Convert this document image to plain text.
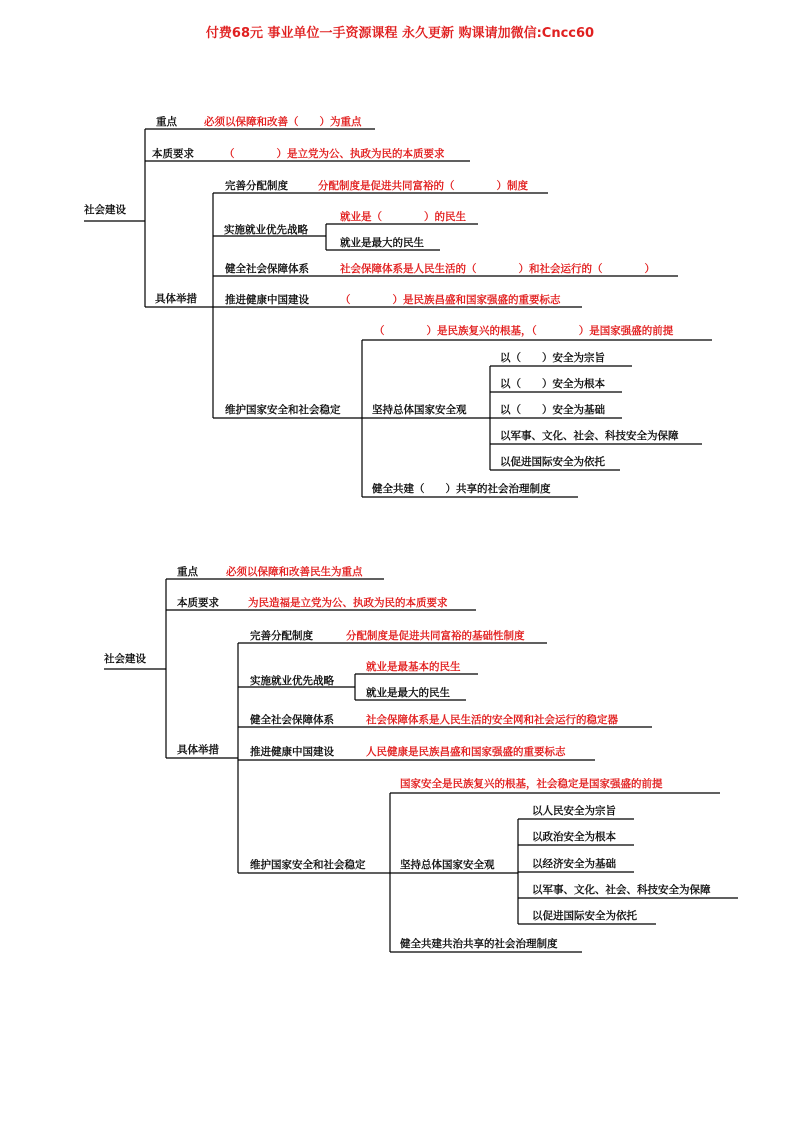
付费68元 事业单位一手资源课程 永久更新 购课请加微信:Cncc60
社会建设
重点	必须以保障和改善（　　）为重点
本质要求	（　　　　）是立党为公、执政为民的本质要求
具体举措
完善分配制度	分配制度是促进共同富裕的（　　　　）制度
实施就业优先战略
就业是（　　　　）的民生
就业是最大的民生
健全社会保障体系	社会保障体系是人民生活的（　　　　）和社会运行的（　　　　）
推进健康中国建设	（　　　　）是民族昌盛和国家强盛的重要标志
维护国家安全和社会稳定
（　　　　）是民族复兴的根基，（　　　　）是国家强盛的前提
坚持总体国家安全观
以（　　）安全为宗旨
以（　　）安全为根本
以（　　）安全为基础
以军事、文化、社会、科技安全为保障
以促进国际安全为依托
健全共建（　　）共享的社会治理制度
社会建设
重点	必须以保障和改善民生为重点
本质要求	为民造福是立党为公、执政为民的本质要求
具体举措
完善分配制度	分配制度是促进共同富裕的基础性制度
实施就业优先战略
就业是最基本的民生
就业是最大的民生
健全社会保障体系	社会保障体系是人民生活的安全网和社会运行的稳定器
推进健康中国建设	人民健康是民族昌盛和国家强盛的重要标志
维护国家安全和社会稳定
国家安全是民族复兴的根基，社会稳定是国家强盛的前提
坚持总体国家安全观
以人民安全为宗旨
以政治安全为根本
以经济安全为基础
以军事、文化、社会、科技安全为保障
以促进国际安全为依托
健全共建共治共享的社会治理制度
